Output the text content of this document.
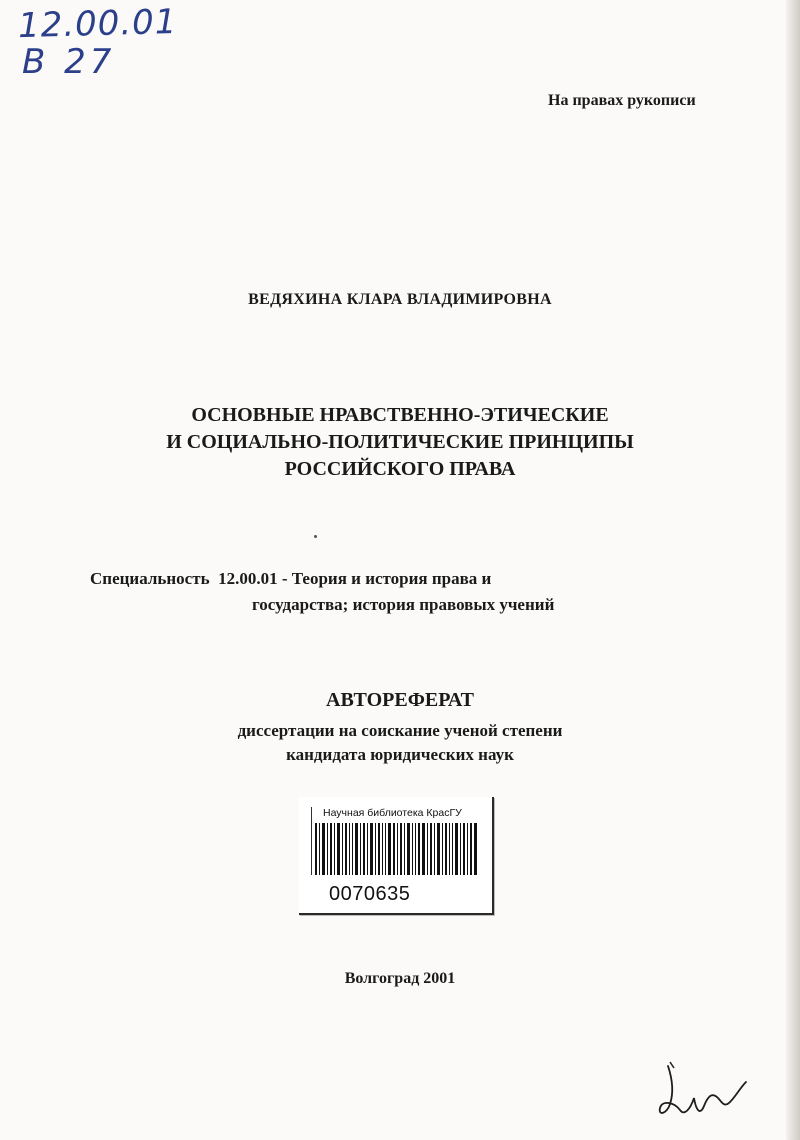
12.00.01
В 27
На правах рукописи
ВЕДЯХИНА КЛАРА ВЛАДИМИРОВНА
ОСНОВНЫЕ НРАВСТВЕННО-ЭТИЧЕСКИЕ
И СОЦИАЛЬНО-ПОЛИТИЧЕСКИЕ ПРИНЦИПЫ
РОССИЙСКОГО ПРАВА
Специальность  12.00.01 - Теория и история права и
государства; история правовых учений
АВТОРЕФЕРАТ
диссертации на соискание ученой степени
кандидата юридических наук
Научная библиотека КрасГУ
0070635
Волгоград 2001
